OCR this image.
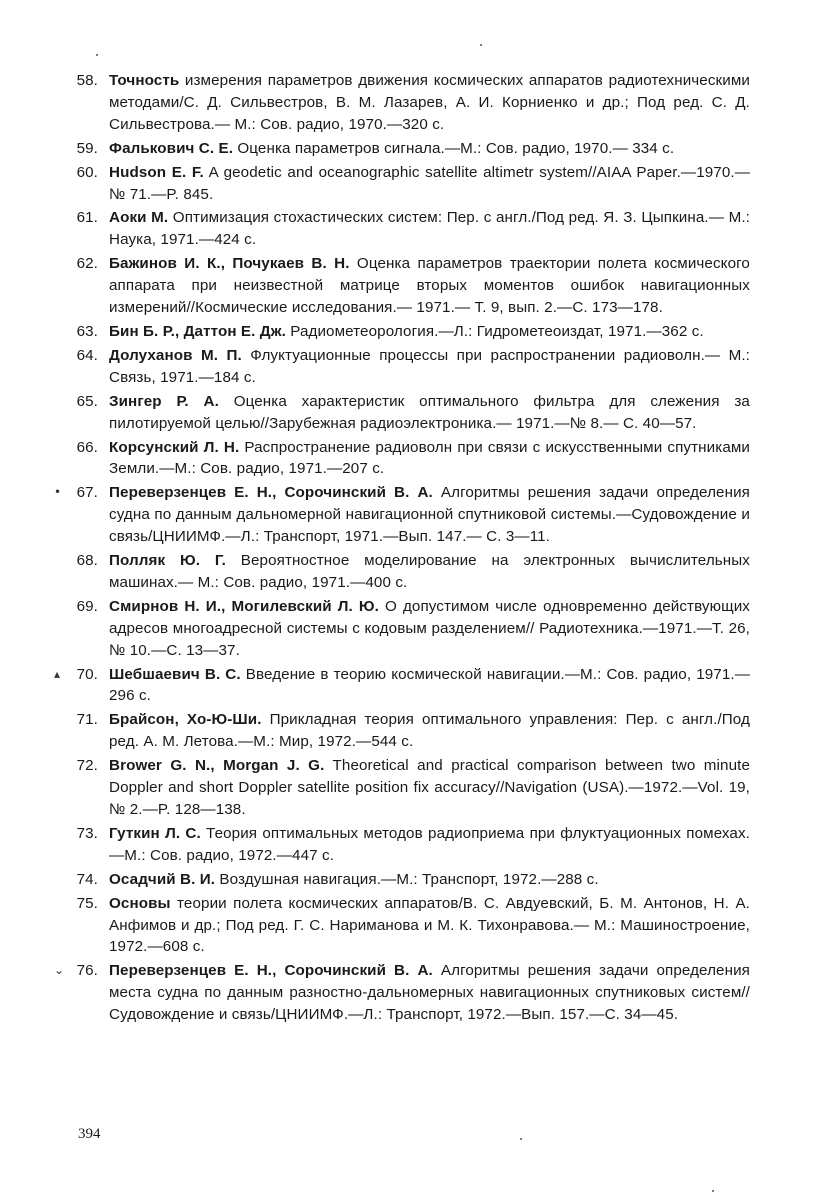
58. Точность измерения параметров движения космических аппаратов радиотехническими методами/С. Д. Сильвестров, В. М. Лазарев, А. И. Корниенко и др.; Под ред. С. Д. Сильвестрова.— М.: Сов. радио, 1970.—320 с.
59. Фалькович С. Е. Оценка параметров сигнала.—М.: Сов. радио, 1970.— 334 с.
60. Hudson E. F. A geodetic and oceanographic satellite altimetr system//AIAA Paper.—1970.— № 71.—P. 845.
61. Аоки М. Оптимизация стохастических систем: Пер. с англ./Под ред. Я. З. Цыпкина.— М.: Наука, 1971.—424 с.
62. Бажинов И. К., Почукаев В. Н. Оценка параметров траектории полета космического аппарата при неизвестной матрице вторых моментов ошибок навигационных измерений//Космические исследования.— 1971.— Т. 9, вып. 2.—С. 173—178.
63. Бин Б. Р., Даттон Е. Дж. Радиометеорология.—Л.: Гидрометеоиздат, 1971.—362 с.
64. Долуханов М. П. Флуктуационные процессы при распространении радиоволн.— М.: Связь, 1971.—184 с.
65. Зингер Р. А. Оценка характеристик оптимального фильтра для слежения за пилотируемой целью//Зарубежная радиоэлектроника.— 1971.—№ 8.— С. 40—57.
66. Корсунский Л. Н. Распространение радиоволн при связи с искусственными спутниками Земли.—М.: Сов. радио, 1971.—207 с.
•	67. Переверзенцев Е. Н., Сорочинский В. А. Алгоритмы решения задачи определения судна по данным дальномерной навигационной спутниковой системы.—Судовождение и связь/ЦНИИМФ.—Л.: Транспорт, 1971.—Вып. 147.— С. 3—11.
68. Полляк Ю. Г. Вероятностное моделирование на электронных вычислительных машинах.— М.: Сов. радио, 1971.—400 с.
69. Смирнов Н. И., Могилевский Л. Ю. О допустимом числе одновременно действующих адресов многоадресной системы с кодовым разделением// Радиотехника.—1971.—Т. 26, № 10.—С. 13—37.
▴	70. Шебшаевич В. С. Введение в теорию космической навигации.—М.: Сов. радио, 1971.—296 с.
71. Брайсон, Хо-Ю-Ши. Прикладная теория оптимального управления: Пер. с англ./Под ред. А. М. Летова.—М.: Мир, 1972.—544 с.
72. Brower G. N., Morgan J. G. Theoretical and practical comparison between two minute Doppler and short Doppler satellite position fix accuracy//Navigation (USA).—1972.—Vol. 19, № 2.—P. 128—138.
73. Гуткин Л. С. Теория оптимальных методов радиоприема при флуктуационных помехах.—М.: Сов. радио, 1972.—447 с.
74. Осадчий В. И. Воздушная навигация.—М.: Транспорт, 1972.—288 с.
75. Основы теории полета космических аппаратов/В. С. Авдуевский, Б. М. Антонов, Н. А. Анфимов и др.; Под ред. Г. С. Нариманова и М. К. Тихонравова.— М.: Машиностроение, 1972.—608 с.
⌄ 76. Переверзенцев Е. Н., Сорочинский В. А. Алгоритмы решения задачи определения места судна по данным разностно-дальномерных навигационных спутниковых систем//Судовождение и связь/ЦНИИМФ.—Л.: Транспорт, 1972.—Вып. 157.—С. 34—45.
394
